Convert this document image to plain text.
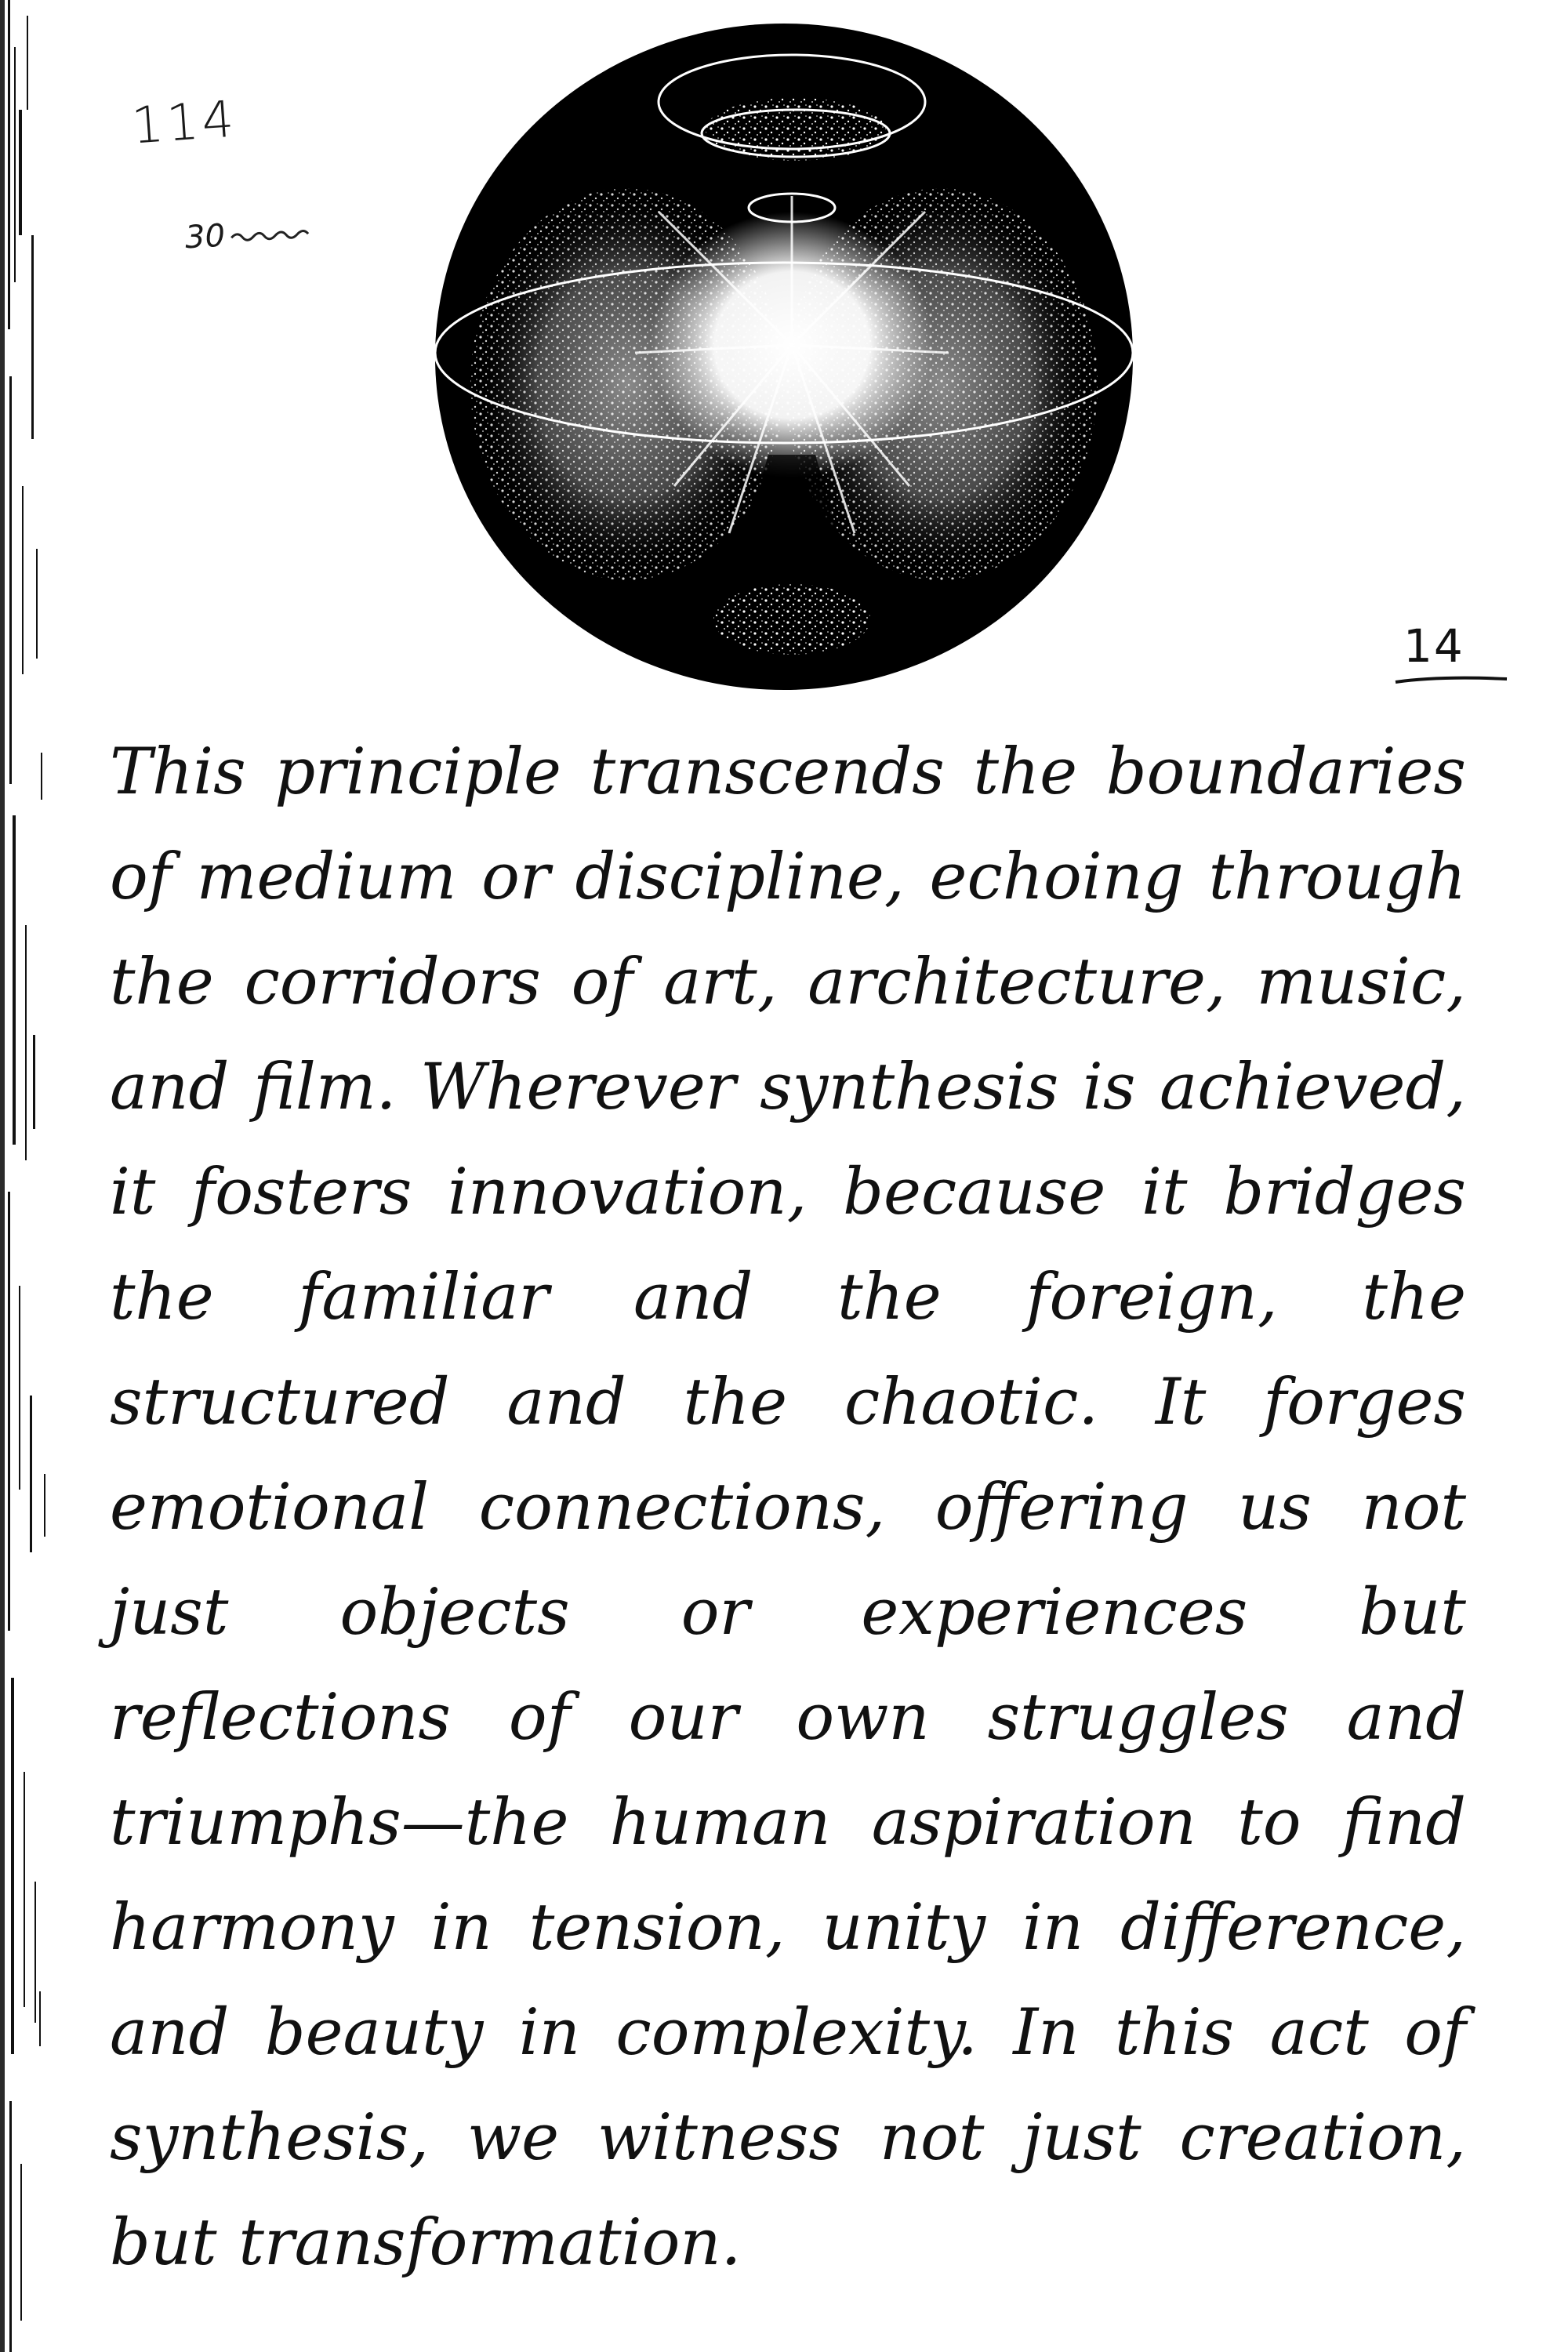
114
30
14
This principle transcends the boundaries of medium or discipline, echoing through the corridors of art, architecture, music, and film. Wherever synthesis is achieved, it fosters innovation, because it bridges the familiar and the foreign, the structured and the chaotic. It forges emotional connections, offering us not just objects or experiences but reflections of our own struggles and triumphs—the human aspiration to find harmony in tension, unity in difference, and beauty in complexity. In this act of synthesis, we witness not just creation, but transformation.
